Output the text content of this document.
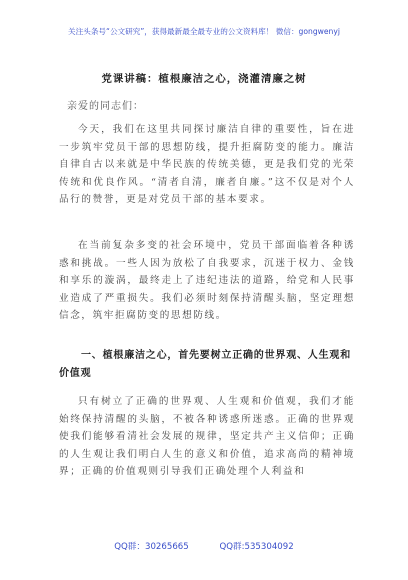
关注头条号“公文研究”，获得最新最全最专业的公文资料库！ 微信：gongwenyj
党课讲稿：植根廉洁之心，浇灌清廉之树
亲爱的同志们：
今天，我们在这里共同探讨廉洁自律的重要性，旨在进一步筑牢党员干部的思想防线，提升拒腐防变的能力。廉洁自律自古以来就是中华民族的传统美德，更是我们党的光荣传统和优良作风。“清者自清，廉者自廉。”这不仅是对个人品行的赞誉，更是对党员干部的基本要求。
在当前复杂多变的社会环境中，党员干部面临着各种诱惑和挑战。一些人因为放松了自我要求，沉迷于权力、金钱和享乐的漩涡，最终走上了违纪违法的道路，给党和人民事业造成了严重损失。我们必须时刻保持清醒头脑，坚定理想信念，筑牢拒腐防变的思想防线。
一、植根廉洁之心，首先要树立正确的世界观、人生观和价值观
只有树立了正确的世界观、人生观和价值观，我们才能始终保持清醒的头脑，不被各种诱惑所迷惑。正确的世界观使我们能够看清社会发展的规律，坚定共产主义信仰；正确的人生观让我们明白人生的意义和价值，追求高尚的精神境界；正确的价值观则引导我们正确处理个人利益和
QQ群：30265665	QQ群:535304092
